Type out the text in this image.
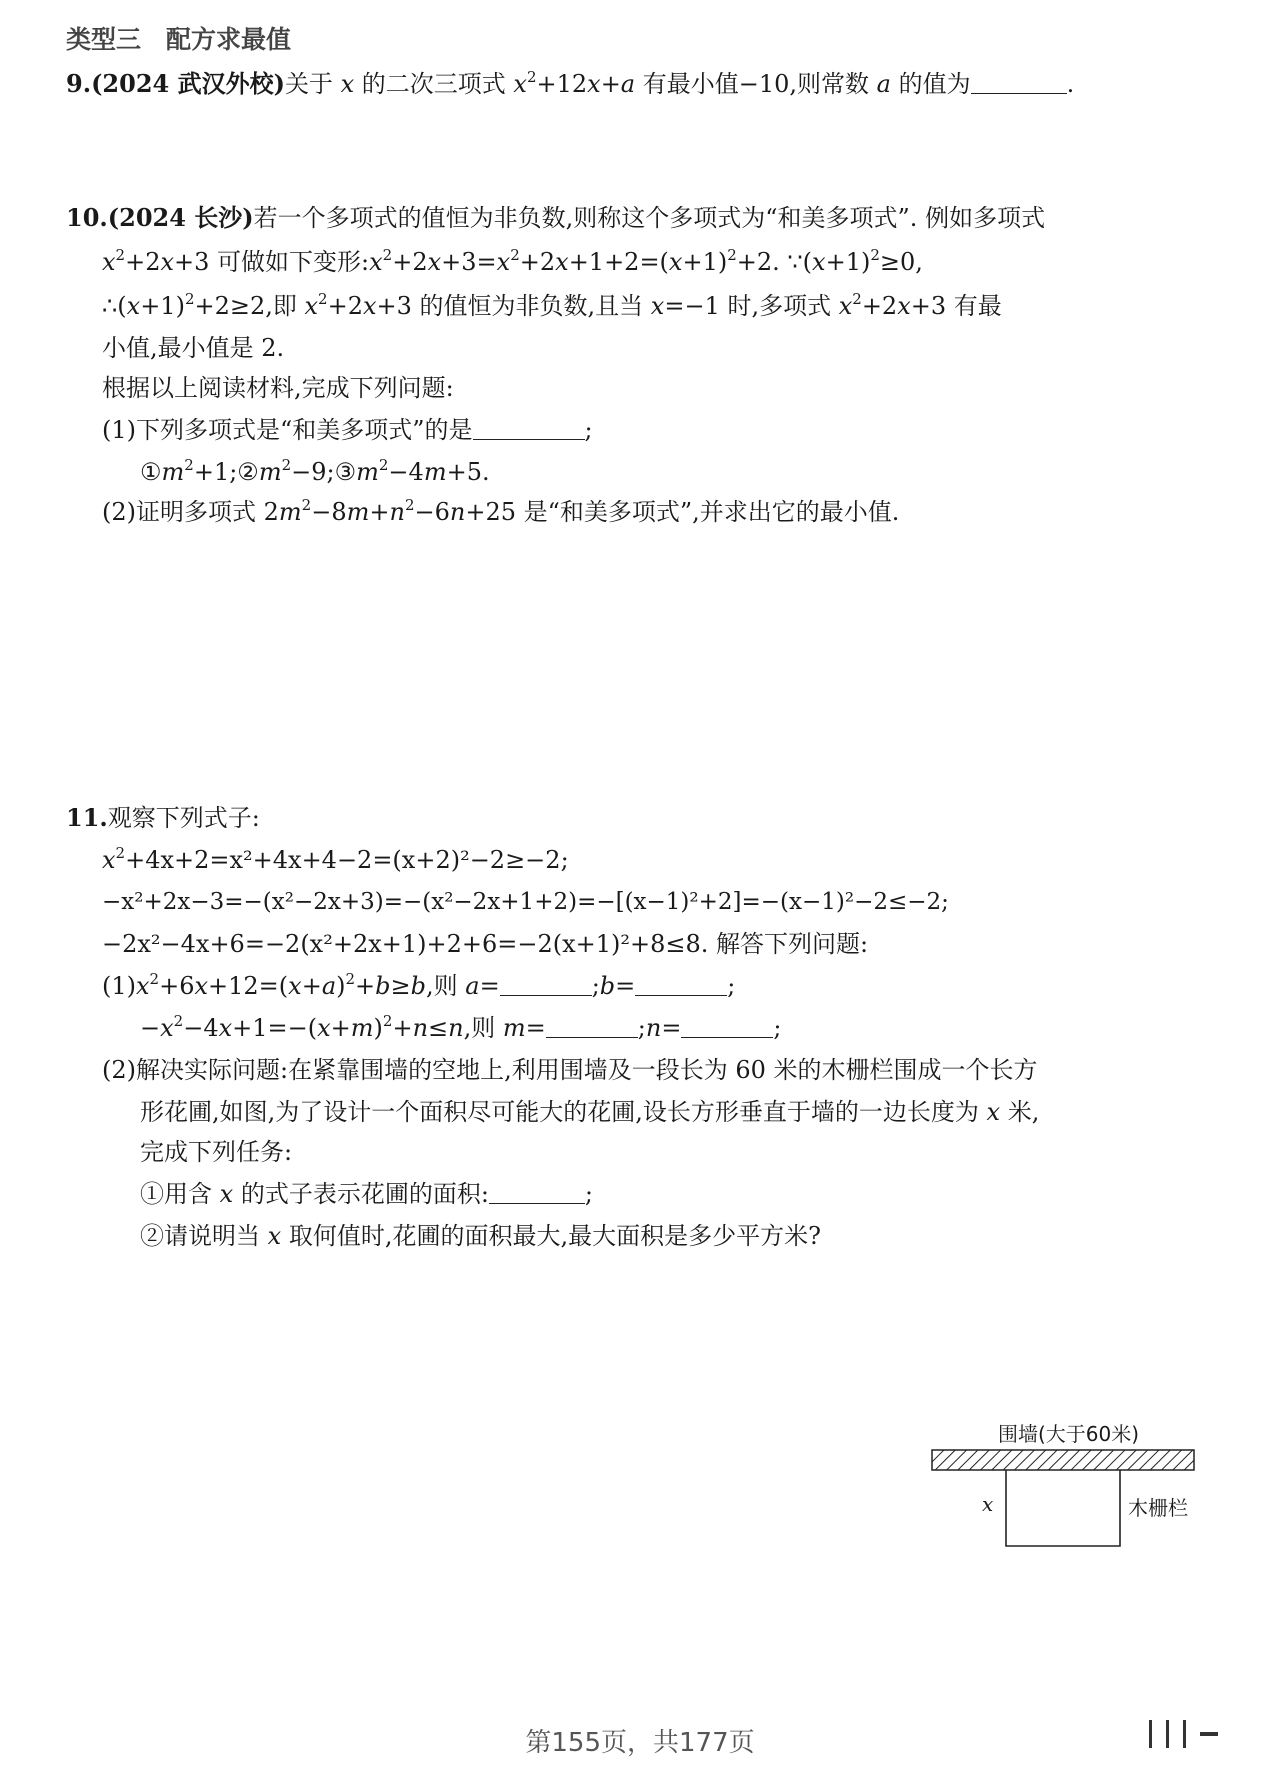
类型三　配方求最值
9.(2024 武汉外校)关于 x 的二次三项式 $x^2+12x+a$ 有最小值−10,则常数 a 的值为	.
10.(2024 长沙)若一个多项式的值恒为非负数,则称这个多项式为“和美多项式”. 例如多项式
$x^2+2x+3$ 可做如下变形$:x^2+2x+3=x^2+2x+1+2=(x+1)^2+2$. $\because(x+1)^2\ge 0$,
$\therefore(x+1)^2+2\ge 2$,即 $x^2+2x+3$ 的值恒为非负数,且当 x=−1 时,多项式 $x^2+2x+3$ 有最
小值,最小值是 2.
根据以上阅读材料,完成下列问题:
(1)下列多项式是“和美多项式”的是	;
$①m^2+1;②m^2-9;③m^2-4m+5$.
(2)证明多项式 $2m^2-8m+n^2-6n+25$ 是“和美多项式”,并求出它的最小值.
11.观察下列式子:
$x^2+4x+2=x^2+4x+4-2=(x+2)^2-2\ge-2$;
−x²+2x−3=−(x²−2x+3)=−(x²−2x+1+2)=−[(x−1)²+2]=−(x−1)²−2≤−2;
−2x²−4x+6=−2(x²+2x+1)+2+6=−2(x+1)²+8≤8. 解答下列问题:
$(1)x^2+6x+12=(x+a)^2+b\ge b$,则 a=	;b=	;
$-x^2-4x+1=-(x+m)^2+n\le n$,则 m=	;n=	;
(2)解决实际问题:在紧靠围墙的空地上,利用围墙及一段长为 60 米的木栅栏围成一个长方
形花圃,如图,为了设计一个面积尽可能大的花圃,设长方形垂直于墙的一边长度为 x 米,
完成下列任务:
①用含 x 的式子表示花圃的面积:	;
②请说明当 x 取何值时,花圃的面积最大,最大面积是多少平方米?
围墙(大于60米)
x	木栅栏
第155页，共177页
